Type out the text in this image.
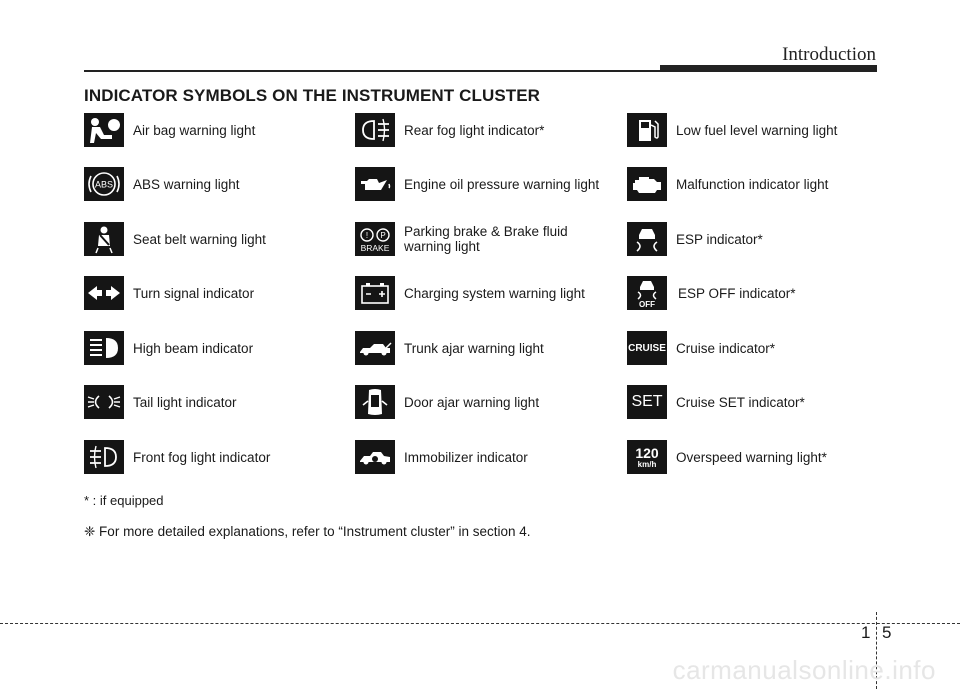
Introduction
INDICATOR SYMBOLS ON THE INSTRUMENT CLUSTER
Air bag warning light
ABS ABS warning light
Seat belt warning light
Turn signal indicator
High beam indicator
Tail light indicator
Front fog light indicator
Rear fog light indicator*
Engine oil pressure warning light
! P
BRAKE
Parking brake & Brake fluid
warning light
Charging system warning light
Trunk ajar warning light
Door ajar warning light
Immobilizer indicator
Low fuel level warning light
Malfunction indicator light
ESP indicator*
OFF
ESP OFF indicator*
CRUISE Cruise indicator*
SET Cruise SET indicator*
120
km/h Overspeed warning light*
* : if equipped
❈ For more detailed explanations, refer to “Instrument cluster” in section 4.
1 5
carmanualsonline.info
